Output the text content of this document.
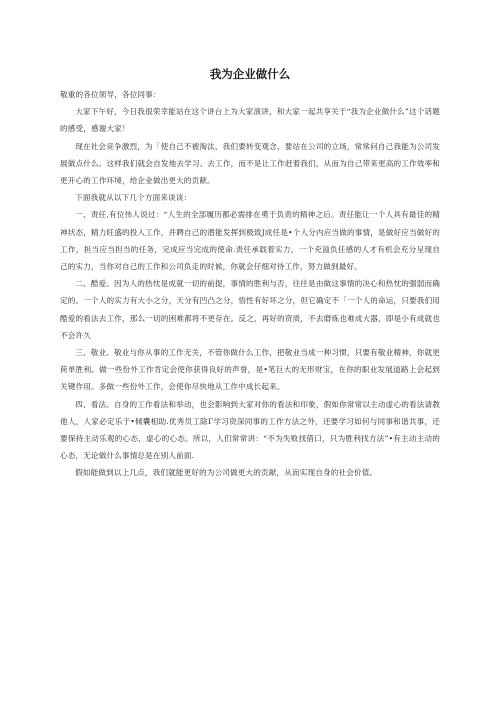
我为企业做什么

敬重的各位领导，各位同事：

大家下午好，今日我很荣幸能站在这个讲台上为大家演讲，和大家一起共享关于“我为企业做什么”这个话题的感受，感谢大家！

现在社会竞争激烈，为「使自己不被淘汰，我们要转变观念，要站在公司的立场，常常问自己我能为公司发展做点什么。这样我们就会自发地去学习、去工作，而不是让工作赶着我们，从而为自己带来更高的工作效率和更开心的工作环境，给企业做出更大的贡献。

下面我就从以下几个方面来谈谈：

一、责任,有位伟人说过：“人生的全部履历都必需排在勇于负责的精神之后。责任能让一个人具有最佳的精神状态，精力旺盛的投入工作，并聘自己的潜能发挥到极致J成任是•个人分内应当做的事情，是做好应当做好的工作，担当应当担当的任务，完成应当完成的使命.责任承载着实力，一个充溢负任感的人才有机会充分呈现自己的实力，当你对自己的工作和公司负走的时候，你就会仔细对待工作，努力做到最好。

二、酷爱。因为人的热忱是成就一切的前提，事情的胜利与否，往往是由做这事情的决心和热忱的强弱而确定的。一个人的实力有大小之分，天分有凹凸之分，悟性有好坏之分，但它确定不「一个人的命运，只要我们用酷爱的看法去工作，那么一切的困难都将不更存在。反之，再好的资质，不去磨炼也难成大器，即是小有成就也不会许久

三、敬业。敬业与你从事的工作无关，不管你做什么工作，把敬业当成一种习惯，只要有敬业精神，你就更荷单胜利。做一些份外工作肯定会使你获得良好的声誉，是•笔巨大的无形财宝，在你的职业发展道路上会起到关键作用。多做一些份外工作，会使你尽快地从工作中成长起来。

四、看法。自身的工作看法和举动，也会影响到大家对你的看法和印象，假如你常常以主动虚心的看法请教他人，人家必定乐于•倾囊相助.优秀员工除Γ学习资深同事的工作方法之外，还要学习如何与同事和谐共事，还要保持主动乐观的心态，虚心的心态。所以，人们常常讲：“不为失败找借口，只为胜利找方法”•有主动主动的心态，无论做什么事情总是在别人前面.

假如能做到以上几点，我们就能更好的为公司做更大的贡献，从而实现自身的社会价值。
